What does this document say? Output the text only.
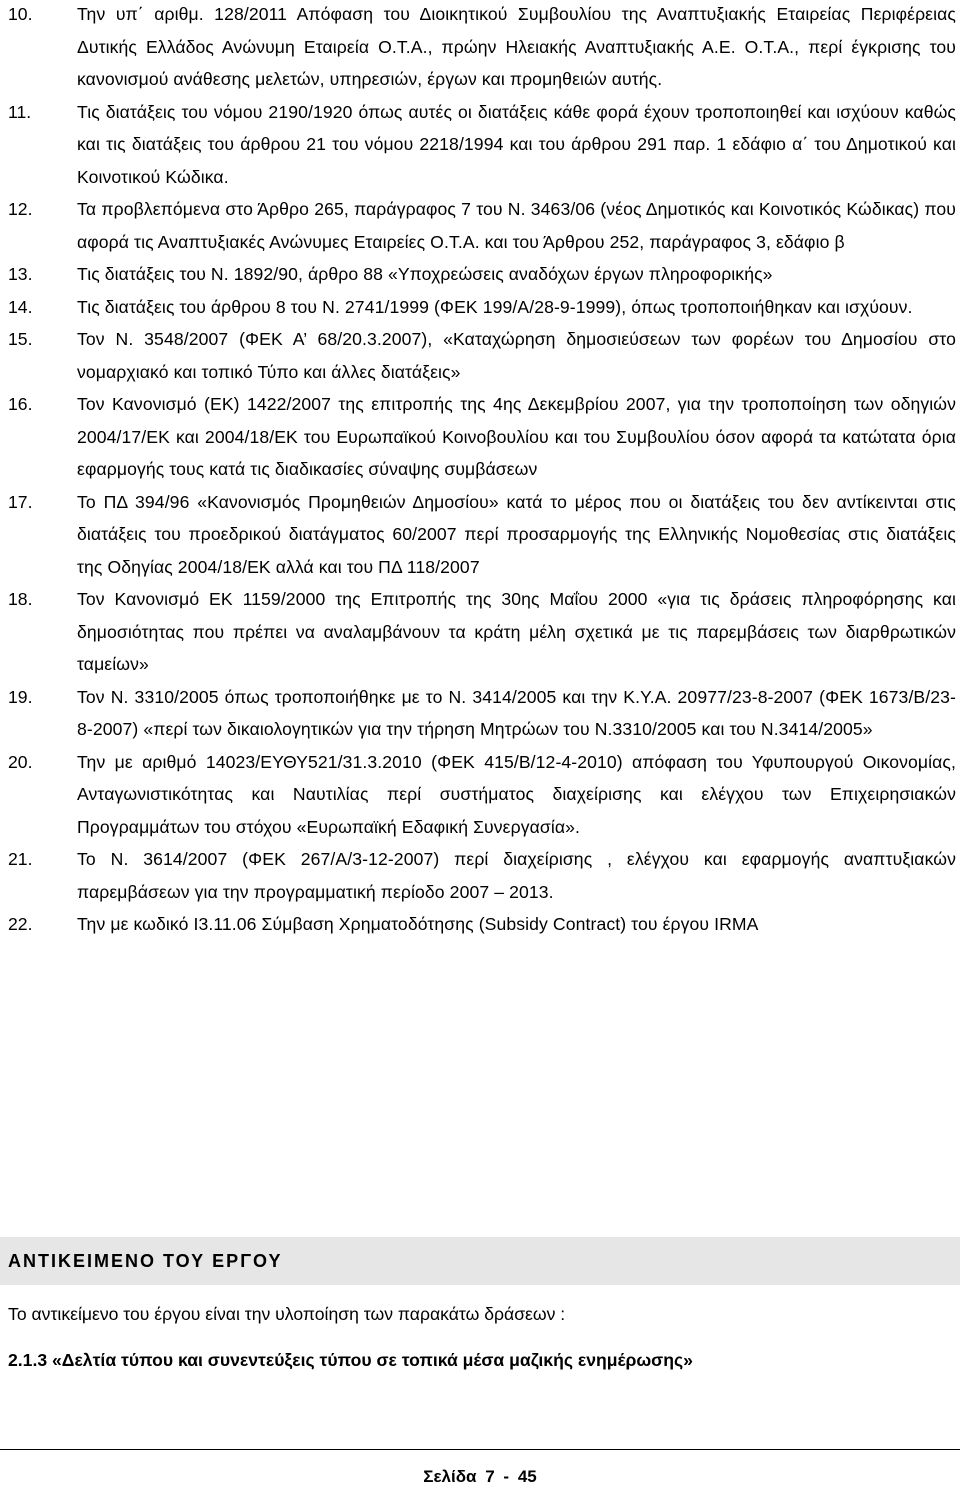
10.	Την υπ΄ αριθμ. 128/2011 Απόφαση του Διοικητικού Συμβουλίου της Αναπτυξιακής Εταιρείας Περιφέρειας Δυτικής Ελλάδος Ανώνυμη Εταιρεία Ο.Τ.Α., πρώην Ηλειακής Αναπτυξιακής Α.Ε. Ο.Τ.Α., περί έγκρισης του κανονισμού ανάθεσης μελετών, υπηρεσιών, έργων και προμηθειών αυτής.
11.	Τις διατάξεις του νόμου 2190/1920 όπως αυτές οι διατάξεις κάθε φορά έχουν τροποποιηθεί και ισχύουν καθώς και τις διατάξεις του άρθρου 21 του νόμου 2218/1994 και του άρθρου 291 παρ. 1 εδάφιο α΄ του Δημοτικού και Κοινοτικού Κώδικα.
12.	Τα προβλεπόμενα στο Άρθρο 265, παράγραφος 7 του Ν. 3463/06 (νέος Δημοτικός και Κοινοτικός Κώδικας) που αφορά τις Αναπτυξιακές Ανώνυμες Εταιρείες Ο.Τ.Α. και του Άρθρου 252, παράγραφος 3, εδάφιο β
13.	Τις διατάξεις του Ν. 1892/90, άρθρο 88 «Υποχρεώσεις αναδόχων έργων πληροφορικής»
14.	Τις διατάξεις του άρθρου 8 του Ν. 2741/1999 (ΦΕΚ 199/Α/28-9-1999), όπως τροποποιήθηκαν και ισχύουν.
15.	Τον Ν. 3548/2007 (ΦΕΚ Α’ 68/20.3.2007), «Καταχώρηση δημοσιεύσεων των φορέων του Δημοσίου στο νομαρχιακό και τοπικό Τύπο και άλλες διατάξεις»
16.	Τον Κανονισμό (ΕΚ) 1422/2007 της επιτροπής της 4ης Δεκεμβρίου 2007, για την τροποποίηση των οδηγιών 2004/17/ΕΚ και 2004/18/ΕΚ του Ευρωπαϊκού Κοινοβουλίου και του Συμβουλίου όσον αφορά τα κατώτατα όρια εφαρμογής τους κατά τις διαδικασίες σύναψης συμβάσεων
17.	Το ΠΔ 394/96 «Κανονισμός Προμηθειών Δημοσίου» κατά το μέρος που οι διατάξεις του δεν αντίκεινται στις διατάξεις του προεδρικού διατάγματος 60/2007 περί προσαρμογής της Ελληνικής Νομοθεσίας στις διατάξεις της Οδηγίας 2004/18/ΕΚ αλλά και του ΠΔ 118/2007
18.	Τον Κανονισμό ΕΚ 1159/2000 της Επιτροπής της 30ης Μαΐου 2000 «για τις δράσεις πληροφόρησης και δημοσιότητας που πρέπει να αναλαμβάνουν τα κράτη μέλη σχετικά με τις παρεμβάσεις των διαρθρωτικών ταμείων»
19.	Τον Ν. 3310/2005 όπως τροποποιήθηκε με το Ν. 3414/2005 και την Κ.Υ.Α. 20977/23-8-2007 (ΦΕΚ 1673/Β/23-8-2007) «περί των δικαιολογητικών για την τήρηση Μητρώων του Ν.3310/2005 και του Ν.3414/2005»
20.	Την με αριθμό 14023/ΕΥΘΥ521/31.3.2010 (ΦΕΚ 415/Β/12-4-2010) απόφαση του Υφυπουργού Οικονομίας, Ανταγωνιστικότητας και Ναυτιλίας περί συστήματος διαχείρισης και ελέγχου των Επιχειρησιακών Προγραμμάτων του στόχου «Ευρωπαϊκή Εδαφική Συνεργασία».
21.	Το Ν. 3614/2007 (ΦΕΚ 267/Α/3-12-2007) περί διαχείρισης , ελέγχου και εφαρμογής αναπτυξιακών παρεμβάσεων για την προγραμματική περίοδο 2007 – 2013.
22.	Την με κωδικό I3.11.06 Σύμβαση Χρηματοδότησης (Subsidy Contract) του έργου IRMA
ΑΝΤΙΚΕΙΜΕΝΟ ΤΟΥ ΕΡΓΟΥ

Το αντικείμενο του έργου είναι την υλοποίηση των παρακάτω δράσεων :

2.1.3 «Δελτία τύπου και συνεντεύξεις τύπου σε τοπικά μέσα μαζικής ενημέρωσης»

Σελίδα 7 - 45
